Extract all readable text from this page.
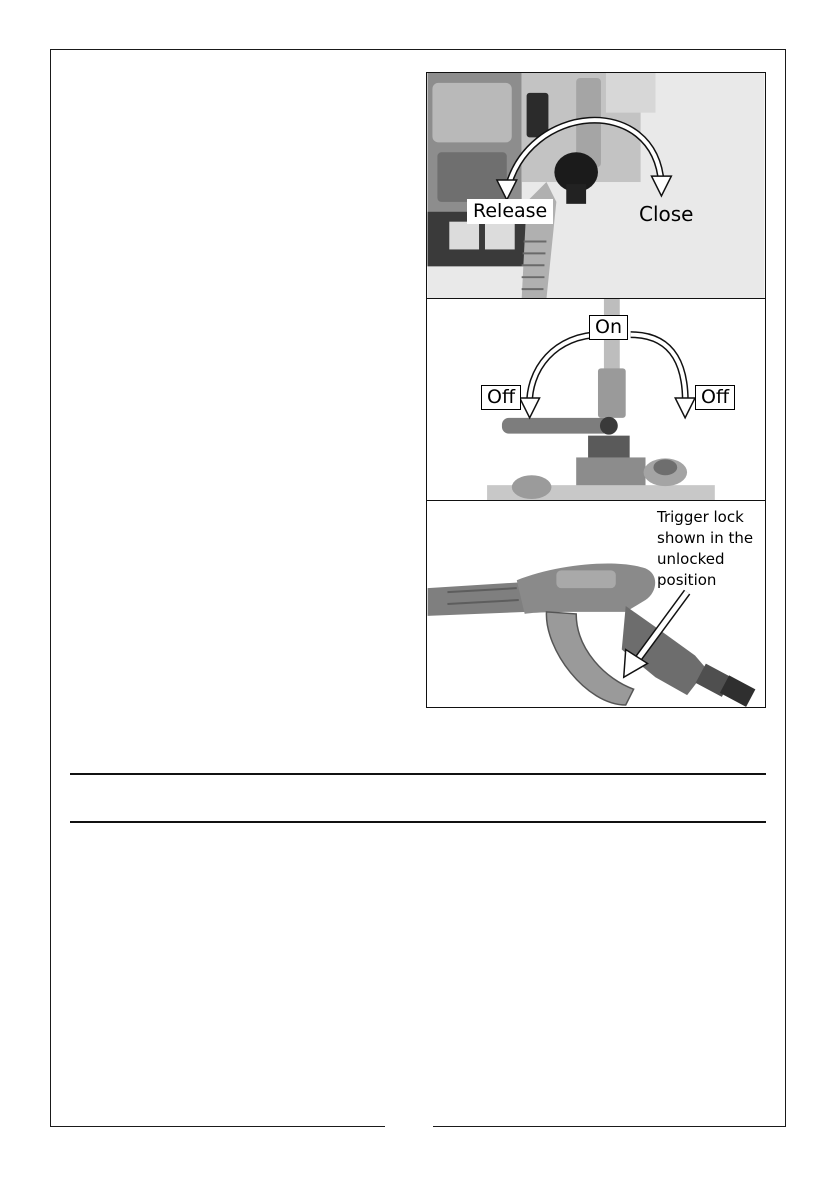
Release	Close
On
Off	Off
Trigger lock
shown in the
unlocked
position
